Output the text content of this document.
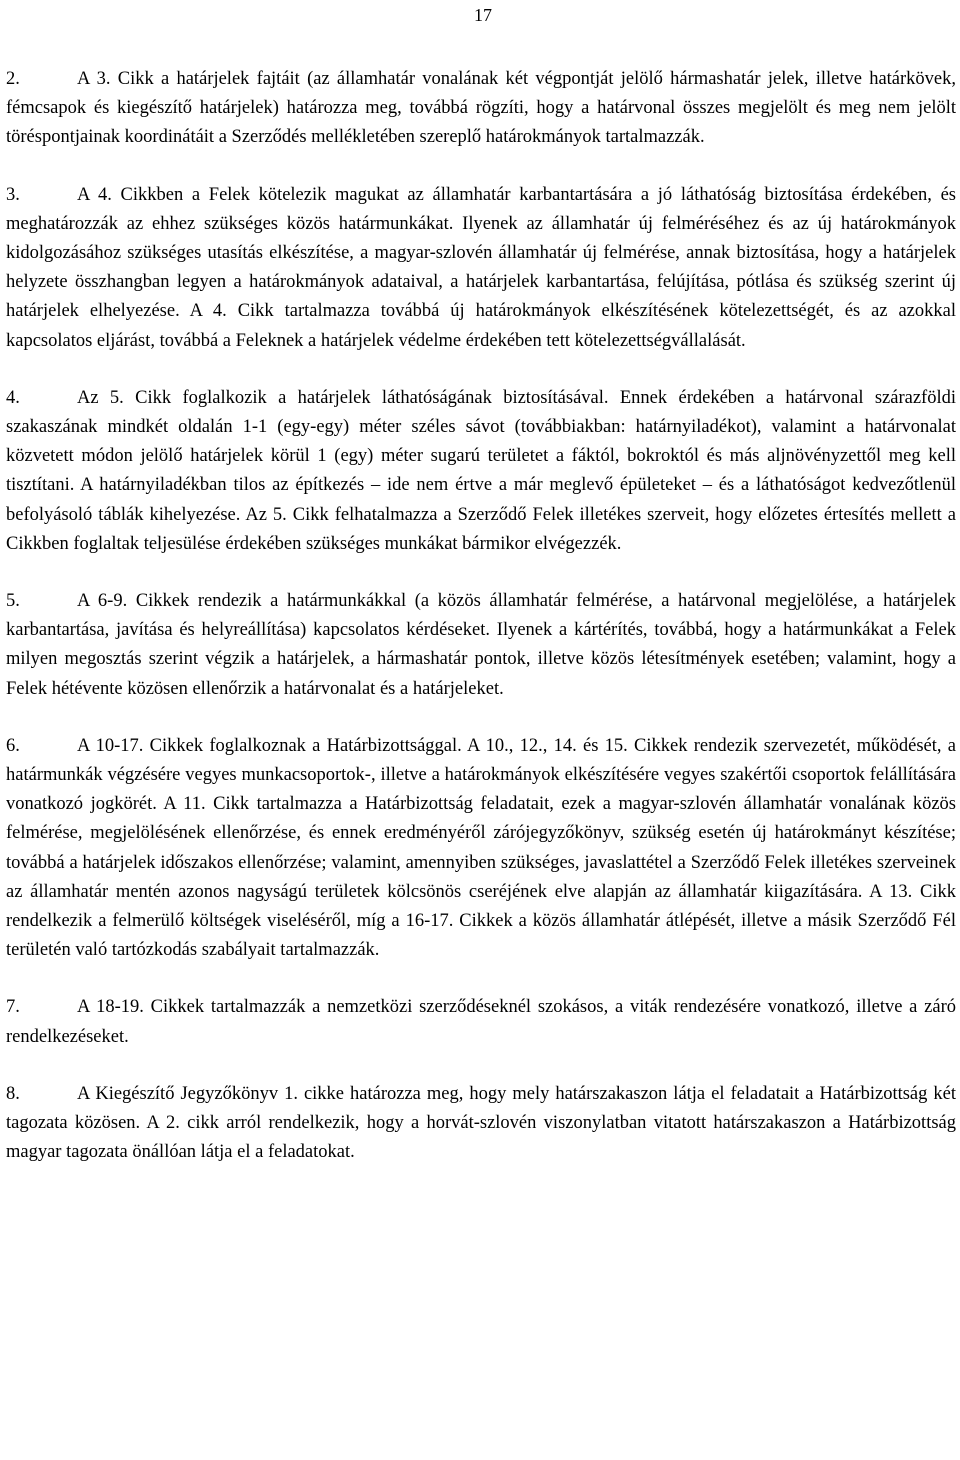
17

2.	A 3. Cikk a határjelek fajtáit (az államhatár vonalának két végpontját jelölő hármashatár jelek, illetve határkövek, fémcsapok és kiegészítő határjelek) határozza meg, továbbá rögzíti, hogy a határvonal összes megjelölt és meg nem jelölt töréspontjainak koordinátáit a Szerződés mellékletében szereplő határokmányok tartalmazzák.

3.	A 4. Cikkben a Felek kötelezik magukat az államhatár karbantartására a jó láthatóság biztosítása érdekében, és meghatározzák az ehhez szükséges közös határmunkákat. Ilyenek az államhatár új felméréséhez és az új határokmányok kidolgozásához szükséges utasítás elkészítése, a magyar-szlovén államhatár új felmérése, annak biztosítása, hogy a határjelek helyzete összhangban legyen a határokmányok adataival, a határjelek karbantartása, felújítása, pótlása és szükség szerint új határjelek elhelyezése. A 4. Cikk tartalmazza továbbá új határokmányok elkészítésének kötelezettségét, és az azokkal kapcsolatos eljárást, továbbá a Feleknek a határjelek védelme érdekében tett kötelezettségvállalását.

4.	Az 5. Cikk foglalkozik a határjelek láthatóságának biztosításával. Ennek érdekében a határvonal szárazföldi szakaszának mindkét oldalán 1-1 (egy-egy) méter széles sávot (továbbiakban: határnyiladékot), valamint a határvonalat közvetett módon jelölő határjelek körül 1 (egy) méter sugarú területet a fáktól, bokroktól és más aljnövényzettől meg kell tisztítani. A határnyiladékban tilos az építkezés – ide nem értve a már meglevő épületeket – és a láthatóságot kedvezőtlenül befolyásoló táblák kihelyezése. Az 5. Cikk felhatalmazza a Szerződő Felek illetékes szerveit, hogy előzetes értesítés mellett a Cikkben foglaltak teljesülése érdekében szükséges munkákat bármikor elvégezzék.

5.	A 6-9. Cikkek rendezik a határmunkákkal (a közös államhatár felmérése, a határvonal megjelölése, a határjelek karbantartása, javítása és helyreállítása) kapcsolatos kérdéseket. Ilyenek a kártérítés, továbbá, hogy a határmunkákat a Felek milyen megosztás szerint végzik a határjelek, a hármashatár pontok, illetve közös létesítmények esetében; valamint, hogy a Felek hétévente közösen ellenőrzik a határvonalat és a határjeleket.

6.	A 10-17. Cikkek foglalkoznak a Határbizottsággal. A 10., 12., 14. és 15. Cikkek rendezik szervezetét, működését, a határmunkák végzésére vegyes munkacsoportok-, illetve a határokmányok elkészítésére vegyes szakértői csoportok felállítására vonatkozó jogkörét. A 11. Cikk tartalmazza a Határbizottság feladatait, ezek a magyar-szlovén államhatár vonalának közös felmérése, megjelölésének ellenőrzése, és ennek eredményéről zárójegyzőkönyv, szükség esetén új határokmányt készítése; továbbá a határjelek időszakos ellenőrzése; valamint, amennyiben szükséges, javaslattétel a Szerződő Felek illetékes szerveinek az államhatár mentén azonos nagyságú területek kölcsönös cseréjének elve alapján az államhatár kiigazítására. A 13. Cikk rendelkezik a felmerülő költségek viseléséről, míg a 16-17. Cikkek a közös államhatár átlépését, illetve a másik Szerződő Fél területén való tartózkodás szabályait tartalmazzák.

7.	A 18-19. Cikkek tartalmazzák a nemzetközi szerződéseknél szokásos, a viták rendezésére vonatkozó, illetve a záró rendelkezéseket.

8.	A Kiegészítő Jegyzőkönyv 1. cikke határozza meg, hogy mely határszakaszon látja el feladatait a Határbizottság két tagozata közösen. A 2. cikk arról rendelkezik, hogy a horvát-szlovén viszonylatban vitatott határszakaszon a Határbizottság magyar tagozata önállóan látja el a feladatokat.
